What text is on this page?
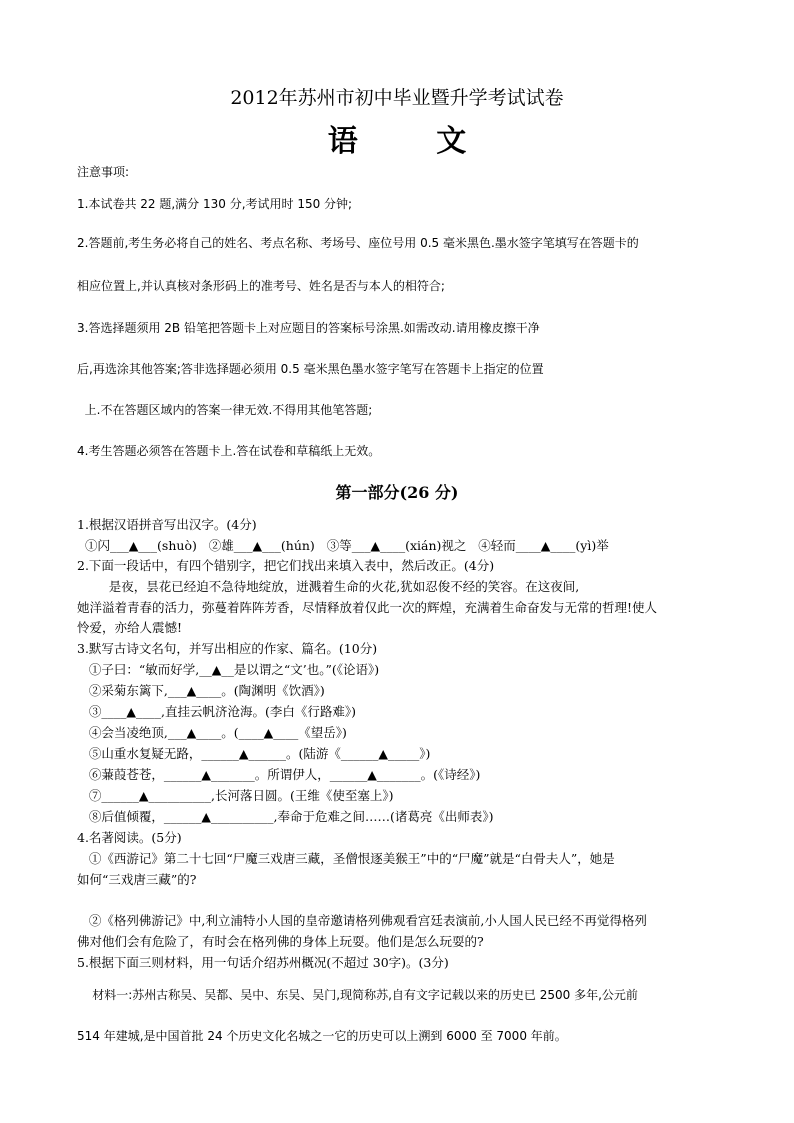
2012年苏州市初中毕业暨升学考试试卷
语 文
注意事项:
1.本试卷共 22 题,满分 130 分,考试用时 150 分钟;
2.答题前,考生务必将自己的姓名、考点名称、考场号、座位号用 0.5 毫米黑色.墨水签字笔填写在答题卡的
相应位置上,并认真核对条形码上的准考号、姓名是否与本人的相符合;
3.答选择题须用 2B 铅笔把答题卡上对应题目的答案标号涂黑.如需改动.请用橡皮擦干净
后,再选涂其他答案;答非选择题必须用 0.5 毫米黑色墨水签字笔写在答题卡上指定的位置
上.不在答题区域内的答案一律无效.不得用其他笔答题;
4.考生答题必须答在答题卡上.答在试卷和草稿纸上无效。
第一部分(26 分)
1.根据汉语拼音写出汉字。(4分)
①闪___▲___(shuò)   ②雄___▲___(hún)   ③等___▲____(xián)视之   ④轻而____▲____(yì)举
2.下面一段话中，有四个错别字，把它们找出来填入表中，然后改正。(4分)
是夜，昙花已经迫不急待地绽放，迸溅着生命的火花,犹如忍俊不经的笑容。在这夜间,
她洋溢着青春的活力，弥蔓着阵阵芳香，尽情释放着仅此一次的辉煌，充满着生命奋发与无常的哲理!使人
怜爱，亦给人震憾!
3.默写古诗文名句，并写出相应的作家、篇名。(10分)
①子曰：“敏而好学,__▲__是以谓之“文’也。”(《论语》)
②采菊东篱下,___▲____。(陶渊明《饮酒》)
③____▲____,直挂云帆济沧海。(李白《行路难》)
④会当凌绝顶,___▲____。(____▲____《望岳》)
⑤山重水复疑无路，______▲______。(陆游《______▲_____》)
⑥蒹葭苍苍，______▲_______。所谓伊人，______▲_______。(《诗经》)
⑦______▲__________,长河落日圆。(王维《使至塞上》)
⑧后值倾覆，______▲__________,奉命于危难之间……(诸葛亮《出师表》)
4.名著阅读。(5分)
①《西游记》第二十七回“尸魔三戏唐三藏，圣僧恨逐美猴王”中的“尸魔”就是“白骨夫人”，她是
如何“三戏唐三藏”的?
②《格列佛游记》中,利立浦特小人国的皇帝邀请格列佛观看宫廷表演前,小人国人民已经不再觉得格列
佛对他们会有危险了，有时会在格列佛的身体上玩耍。他们是怎么玩耍的?
5.根据下面三则材料，用一句话介绍苏州概况(不超过 30字)。(3分)
材料一:苏州古称吴、吴都、吴中、东吴、吴门,现简称苏,自有文字记载以来的历史已 2500 多年,公元前
514 年建城,是中国首批 24 个历史文化名城之一它的历史可以上溯到 6000 至 7000 年前。
